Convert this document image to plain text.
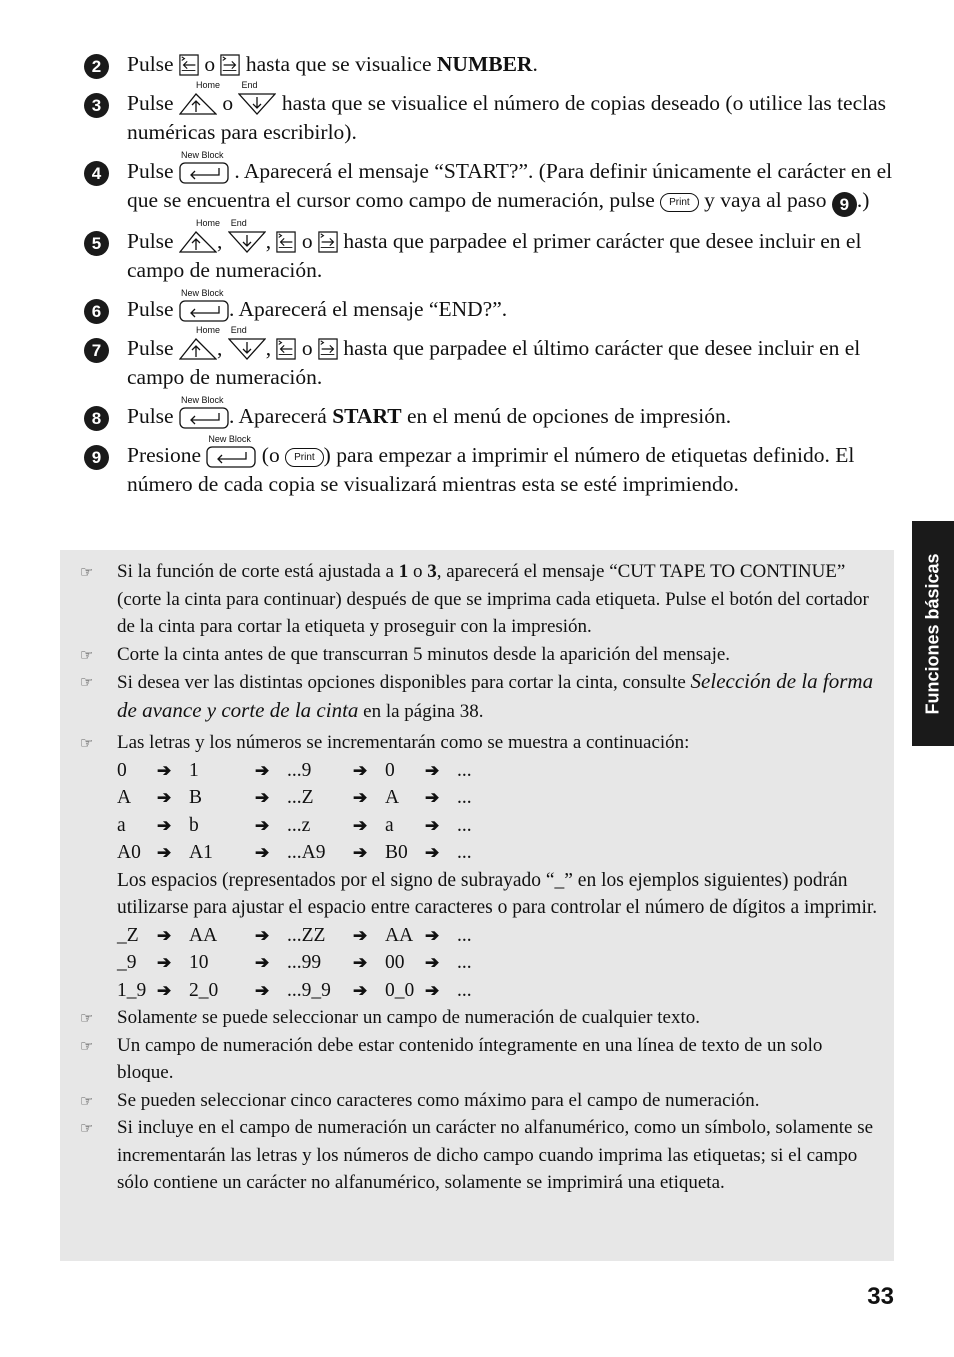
2	Pulse
o
hasta que se visualice NUMBER.
3	Pulse
Home
o
End
hasta que se visualice el número de copias deseado (o utilice las teclas numéricas para escribirlo).
4	Pulse
New Block
. Aparecerá el mensaje “START?”. (Para definir únicamente el carácter en el que se encuentra el cursor como campo de numeración, pulse Print y vaya al paso 9 .)
5	Pulse
Home
,
End
,
o
hasta que parpadee el primer carácter que desee incluir en el campo de numeración.
6	Pulse
New Block
. Aparecerá el mensaje “END?”.
7	Pulse
Home
,
End
,
o
hasta que parpadee el último carácter que desee incluir en el campo de numeración.
8	Pulse
New Block
. Aparecerá START en el menú de opciones de impresión.
9	Presione
New Block
(o Print ) para empezar a imprimir el número de etiquetas definido. El número de cada copia se visualizará mientras esta se esté imprimiendo.
☞ Si la función de corte está ajustada a 1 o 3, aparecerá el mensaje “CUT TAPE TO CONTINUE” (corte la cinta para continuar) después de que se imprima cada etiqueta. Pulse el botón del cortador de la cinta para cortar la etiqueta y proseguir con la impresión.
☞ Corte la cinta antes de que transcurran 5 minutos desde la aparición del mensaje.
☞ Si desea ver las distintas opciones disponibles para cortar la cinta, consulte Selección de la forma de avance y corte de la cinta en la página 38.
☞ Las letras y los números se incrementarán como se muestra a continuación:
0	➔	1	➔	...9	➔	0	➔	...
A	➔	B	➔	...Z	➔	A	➔	...
a	➔	b	➔	...z	➔	a	➔	...
A0	➔	A1	➔	...A9	➔	B0	➔	...
Los espacios (representados por el signo de subrayado “_” en los ejemplos siguientes) podrán utilizarse para ajustar el espacio entre caracteres o para controlar el número de dígitos a imprimir.
_Z	➔	AA	➔	...ZZ	➔	AA	➔	...
_9	➔	10	➔	...99	➔	00	➔	...
1_9	➔	2_0	➔	...9_9	➔	0_0	➔	...
☞ Solamente se puede seleccionar un campo de numeración de cualquier texto.
☞ Un campo de numeración debe estar contenido íntegramente en una línea de texto de un solo bloque.
☞ Se pueden seleccionar cinco caracteres como máximo para el campo de numeración.
☞ Si incluye en el campo de numeración un carácter no alfanumérico, como un símbolo, solamente se incrementarán las letras y los números de dicho campo cuando imprima las etiquetas; si el campo sólo contiene un carácter no alfanumérico, solamente se imprimirá una etiqueta.
Funciones básicas
33
